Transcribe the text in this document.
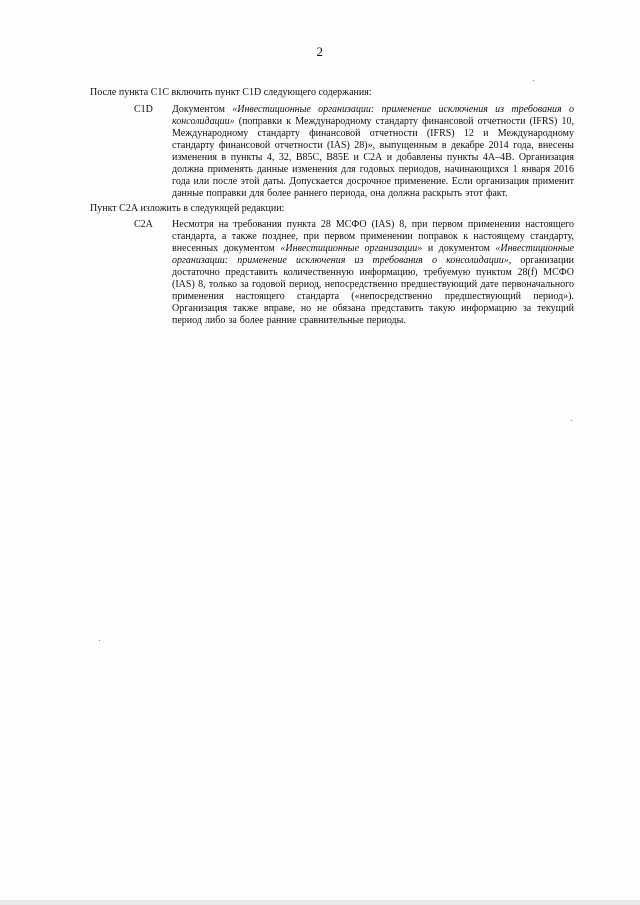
2
После пункта С1С включить пункт С1D следующего содержания:
С1D	Документом «Инвестиционные организации: применение исключения из требования о консолидации» (поправки к Международному стандарту финансовой отчетности (IFRS) 10, Международному стандарту финансовой отчетности (IFRS) 12 и Международному стандарту финансовой отчетности (IAS) 28)», выпущенным в декабре 2014 года, внесены изменения в пункты 4, 32, В85С, В85Е и С2А и добавлены пункты 4А–4В. Организация должна применять данные изменения для годовых периодов, начинающихся 1 января 2016 года или после этой даты. Допускается досрочное применение. Если организация применит данные поправки для более раннего периода, она должна раскрыть этот факт.
Пункт С2А изложить в следующей редакции:
С2А	Несмотря на требования пункта 28 МСФО (IAS) 8, при первом применении настоящего стандарта, а также позднее, при первом применении поправок к настоящему стандарту, внесенных документом «Инвестиционные организации» и документом «Инвестиционные организации: применение исключения из требования о консолидации», организации достаточно представить количественную информацию, требуемую пунктом 28(f) МСФО (IAS) 8, только за годовой период, непосредственно предшествующий дате первоначального применения настоящего стандарта («непосредственно предшествующий период»). Организация также вправе, но не обязана представить такую информацию за текущий период либо за более ранние сравнительные периоды.
